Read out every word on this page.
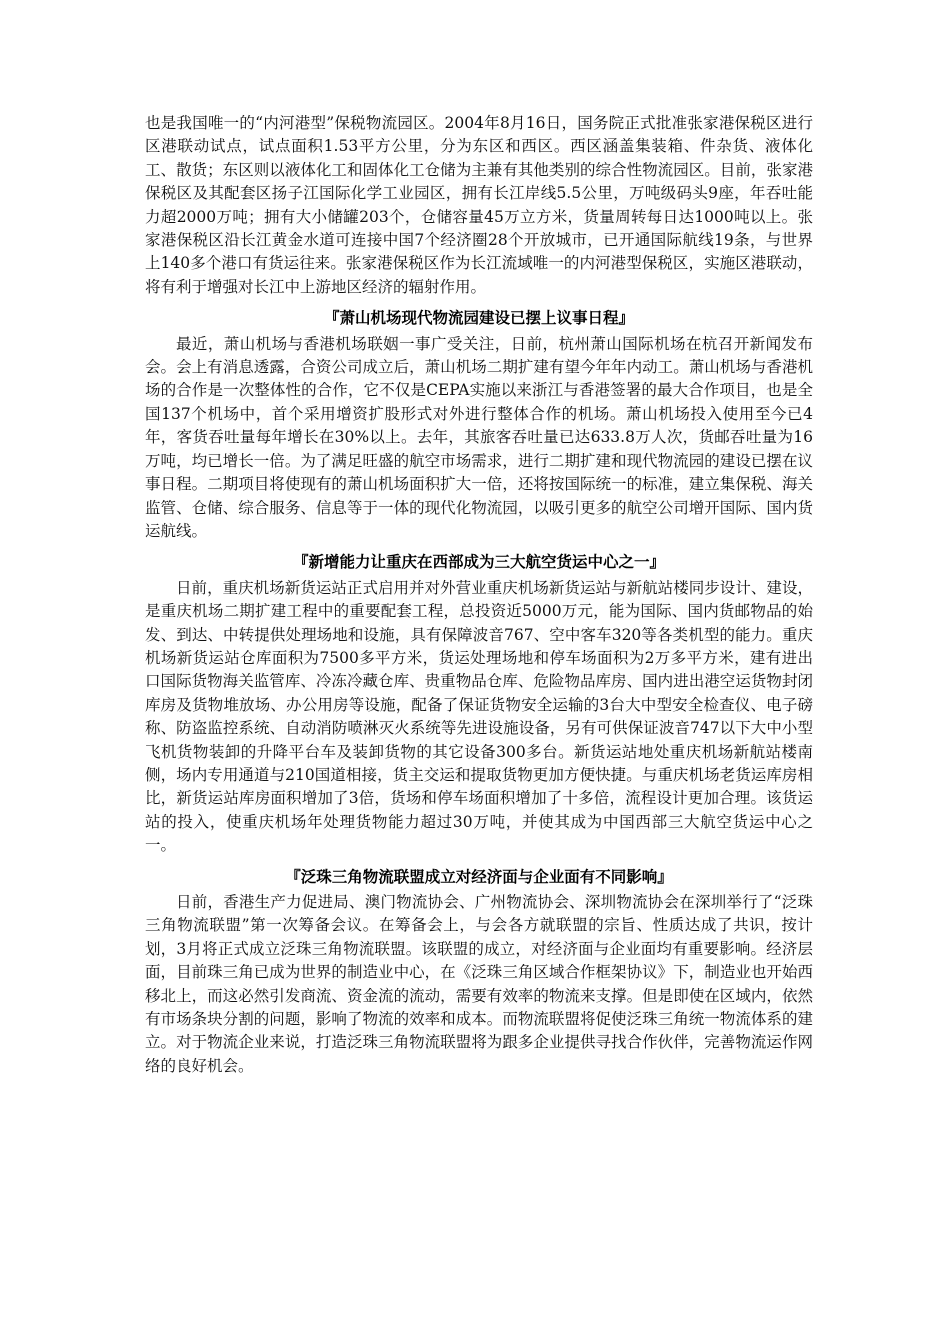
也是我国唯一的“内河港型”保税物流园区。2004年8月16日，国务院正式批准张家港保税区进行区港联动试点，试点面积1.53平方公里，分为东区和西区。西区涵盖集装箱、件杂货、液体化工、散货；东区则以液体化工和固体化工仓储为主兼有其他类别的综合性物流园区。目前，张家港保税区及其配套区扬子江国际化学工业园区，拥有长江岸线5.5公里，万吨级码头9座，年吞吐能力超2000万吨；拥有大小储罐203个，仓储容量45万立方米，货量周转每日达1000吨以上。张家港保税区沿长江黄金水道可连接中国7个经济圈28个开放城市，已开通国际航线19条，与世界上140多个港口有货运往来。张家港保税区作为长江流域唯一的内河港型保税区，实施区港联动，将有利于增强对长江中上游地区经济的辐射作用。

『萧山机场现代物流园建设已摆上议事日程』

最近，萧山机场与香港机场联姻一事广受关注，日前，杭州萧山国际机场在杭召开新闻发布会。会上有消息透露，合资公司成立后，萧山机场二期扩建有望今年年内动工。萧山机场与香港机场的合作是一次整体性的合作，它不仅是CEPA实施以来浙江与香港签署的最大合作项目，也是全国137个机场中，首个采用增资扩股形式对外进行整体合作的机场。萧山机场投入使用至今已4年，客货吞吐量每年增长在30%以上。去年，其旅客吞吐量已达633.8万人次，货邮吞吐量为16万吨，均已增长一倍。为了满足旺盛的航空市场需求，进行二期扩建和现代物流园的建设已摆在议事日程。二期项目将使现有的萧山机场面积扩大一倍，还将按国际统一的标准，建立集保税、海关监管、仓储、综合服务、信息等于一体的现代化物流园，以吸引更多的航空公司增开国际、国内货运航线。

『新增能力让重庆在西部成为三大航空货运中心之一』

日前，重庆机场新货运站正式启用并对外营业重庆机场新货运站与新航站楼同步设计、建设，是重庆机场二期扩建工程中的重要配套工程，总投资近5000万元，能为国际、国内货邮物品的始发、到达、中转提供处理场地和设施，具有保障波音767、空中客车320等各类机型的能力。重庆机场新货运站仓库面积为7500多平方米，货运处理场地和停车场面积为2万多平方米，建有进出口国际货物海关监管库、冷冻冷藏仓库、贵重物品仓库、危险物品库房、国内进出港空运货物封闭库房及货物堆放场、办公用房等设施，配备了保证货物安全运输的3台大中型安全检查仪、电子磅称、防盗监控系统、自动消防喷淋灭火系统等先进设施设备，另有可供保证波音747以下大中小型飞机货物装卸的升降平台车及装卸货物的其它设备300多台。新货运站地处重庆机场新航站楼南侧，场内专用通道与210国道相接，货主交运和提取货物更加方便快捷。与重庆机场老货运库房相比，新货运站库房面积增加了3倍，货场和停车场面积增加了十多倍，流程设计更加合理。该货运站的投入，使重庆机场年处理货物能力超过30万吨，并使其成为中国西部三大航空货运中心之一。

『泛珠三角物流联盟成立对经济面与企业面有不同影响』

日前，香港生产力促进局、澳门物流协会、广州物流协会、深圳物流协会在深圳举行了“泛珠三角物流联盟”第一次筹备会议。在筹备会上，与会各方就联盟的宗旨、性质达成了共识，按计划，3月将正式成立泛珠三角物流联盟。该联盟的成立，对经济面与企业面均有重要影响。经济层面，目前珠三角已成为世界的制造业中心，在《泛珠三角区域合作框架协议》下，制造业也开始西移北上，而这必然引发商流、资金流的流动，需要有效率的物流来支撑。但是即使在区域内，依然有市场条块分割的问题，影响了物流的效率和成本。而物流联盟将促使泛珠三角统一物流体系的建立。对于物流企业来说，打造泛珠三角物流联盟将为跟多企业提供寻找合作伙伴，完善物流运作网络的良好机会。
